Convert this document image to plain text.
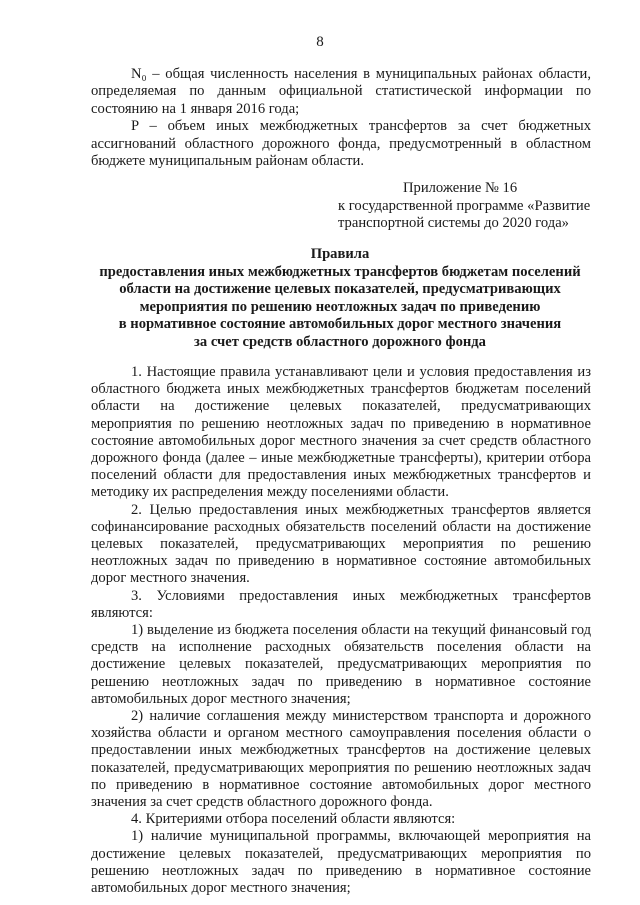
8

N₀ – общая численность населения в муниципальных районах области, определяемая по данным официальной статистической информации по состоянию на 1 января 2016 года;

P – объем иных межбюджетных трансфертов за счет бюджетных ассигнований областного дорожного фонда, предусмотренный в областном бюджете муниципальным районам области.

Приложение № 16
к государственной программе «Развитие
транспортной системы до 2020 года»
Правила
предоставления иных межбюджетных трансфертов бюджетам поселений
области на достижение целевых показателей, предусматривающих
мероприятия по решению неотложных задач по приведению
в нормативное состояние автомобильных дорог местного значения
за счет средств областного дорожного фонда

1. Настоящие правила устанавливают цели и условия предоставления из областного бюджета иных межбюджетных трансфертов бюджетам поселений области на достижение целевых показателей, предусматривающих мероприятия по решению неотложных задач по приведению в нормативное состояние автомобильных дорог местного значения за счет средств областного дорожного фонда (далее – иные межбюджетные трансферты), критерии отбора поселений области для предоставления иных межбюджетных трансфертов и методику их распределения между поселениями области.

2. Целью предоставления иных межбюджетных трансфертов является софинансирование расходных обязательств поселений области на достижение целевых показателей, предусматривающих мероприятия по решению неотложных задач по приведению в нормативное состояние автомобильных дорог местного значения.

3. Условиями предоставления иных межбюджетных трансфертов являются:

1) выделение из бюджета поселения области на текущий финансовый год средств на исполнение расходных обязательств поселения области на достижение целевых показателей, предусматривающих мероприятия по решению неотложных задач по приведению в нормативное состояние автомобильных дорог местного значения;

2) наличие соглашения между министерством транспорта и дорожного хозяйства области и органом местного самоуправления поселения области о предоставлении иных межбюджетных трансфертов на достижение целевых показателей, предусматривающих мероприятия по решению неотложных задач по приведению в нормативное состояние автомобильных дорог местного значения за счет средств областного дорожного фонда.

4. Критериями отбора поселений области являются:

1) наличие муниципальной программы, включающей мероприятия на достижение целевых показателей, предусматривающих мероприятия по решению неотложных задач по приведению в нормативное состояние автомобильных дорог местного значения;
